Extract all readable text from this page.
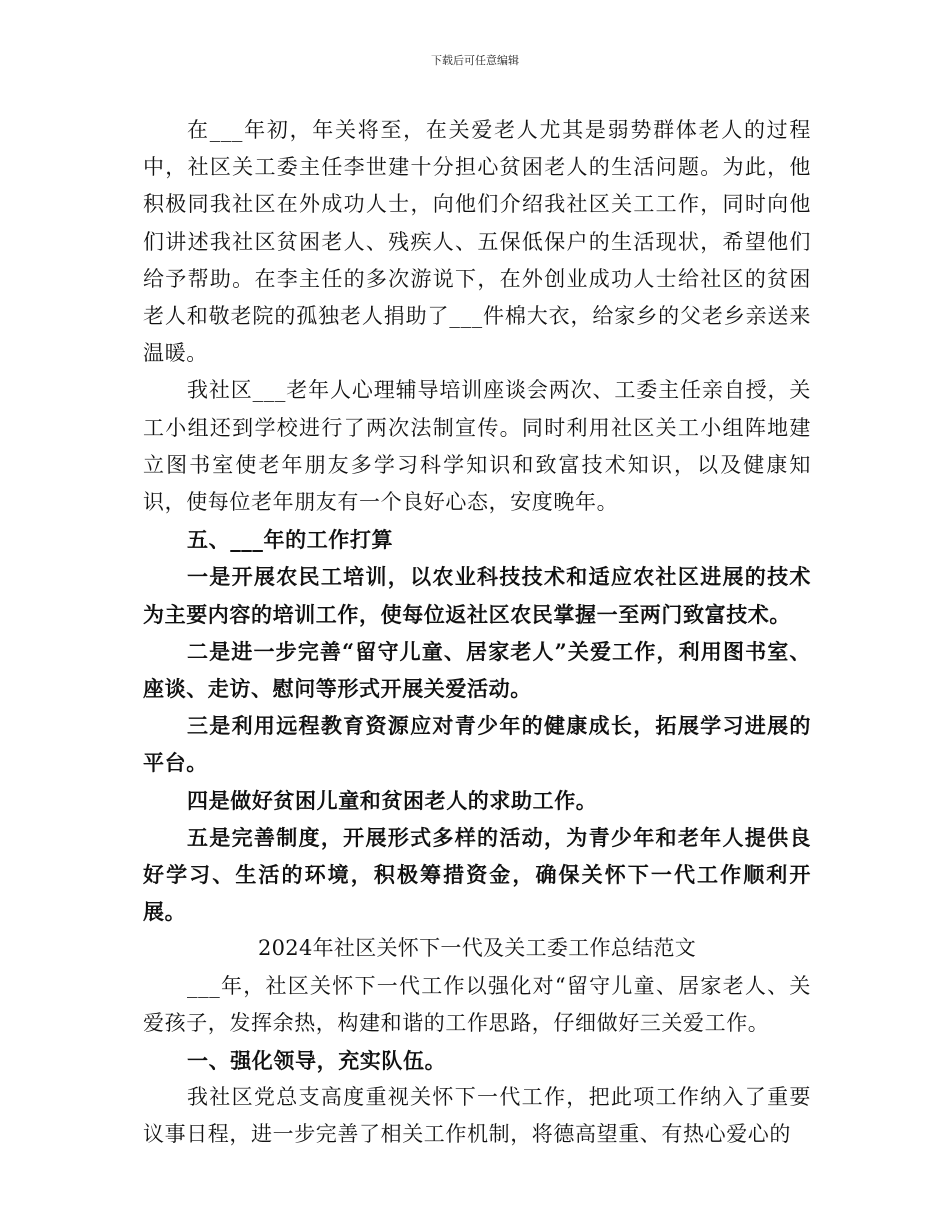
下载后可任意编辑

在___年初，年关将至，在关爱老人尤其是弱势群体老人的过程中，社区关工委主任李世建十分担心贫困老人的生活问题。为此，他积极同我社区在外成功人士，向他们介绍我社区关工工作，同时向他们讲述我社区贫困老人、残疾人、五保低保户的生活现状，希望他们给予帮助。在李主任的多次游说下，在外创业成功人士给社区的贫困老人和敬老院的孤独老人捐助了___件棉大衣，给家乡的父老乡亲送来温暖。

我社区___老年人心理辅导培训座谈会两次、工委主任亲自授，关工小组还到学校进行了两次法制宣传。同时利用社区关工小组阵地建立图书室使老年朋友多学习科学知识和致富技术知识，以及健康知识，使每位老年朋友有一个良好心态，安度晚年。

五、___年的工作打算

一是开展农民工培训，以农业科技技术和适应农社区进展的技术为主要内容的培训工作，使每位返社区农民掌握一至两门致富技术。

二是进一步完善“留守儿童、居家老人”关爱工作，利用图书室、座谈、走访、慰问等形式开展关爱活动。

三是利用远程教育资源应对青少年的健康成长，拓展学习进展的平台。

四是做好贫困儿童和贫困老人的求助工作。

五是完善制度，开展形式多样的活动，为青少年和老年人提供良好学习、生活的环境，积极筹措资金，确保关怀下一代工作顺利开展。

2024年社区关怀下一代及关工委工作总结范文

___年，社区关怀下一代工作以强化对“留守儿童、居家老人、关爱孩子，发挥余热，构建和谐的工作思路，仔细做好三关爱工作。

一、强化领导，充实队伍。

我社区党总支高度重视关怀下一代工作，把此项工作纳入了重要议事日程，进一步完善了相关工作机制，将德高望重、有热心爱心的
